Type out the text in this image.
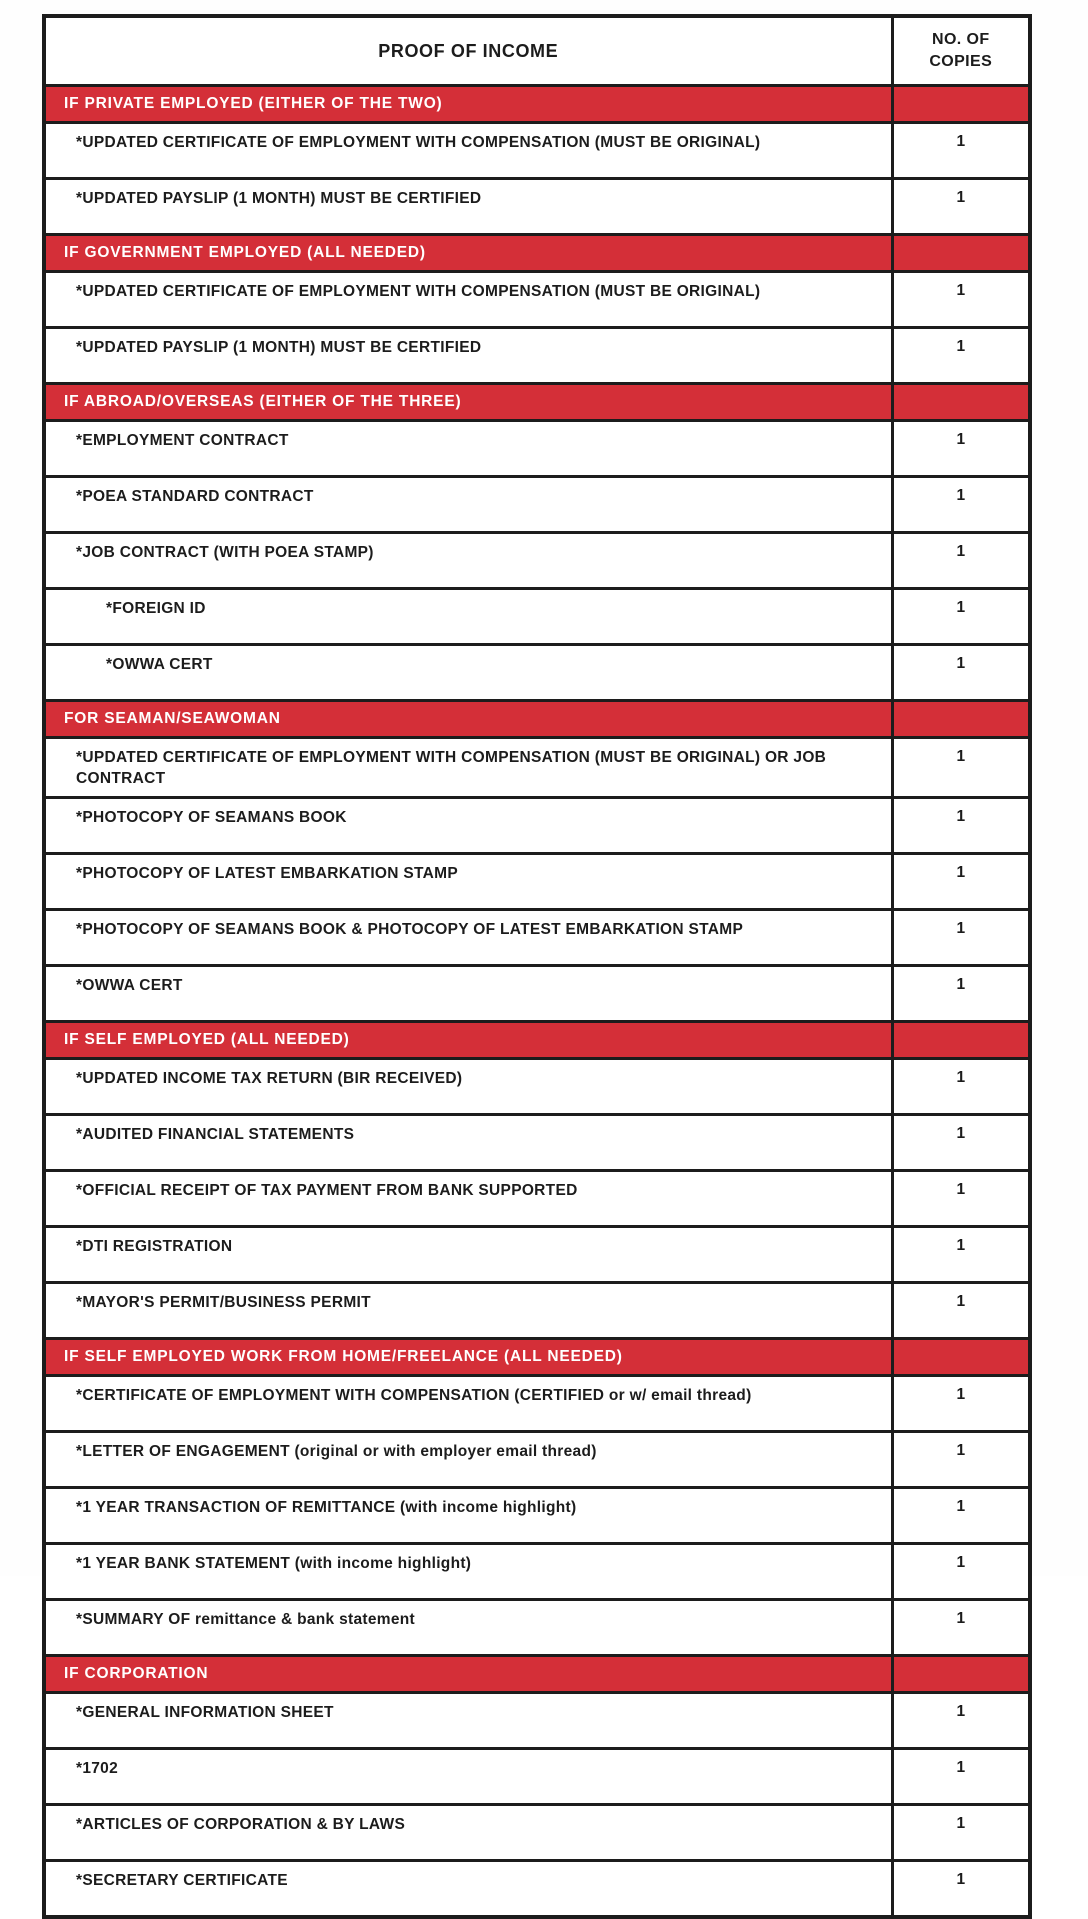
PROOF OF INCOME	NO. OF COPIES
IF PRIVATE EMPLOYED (EITHER OF THE TWO)	
*UPDATED CERTIFICATE OF EMPLOYMENT WITH COMPENSATION (MUST BE ORIGINAL)	1
*UPDATED PAYSLIP (1 MONTH) MUST BE CERTIFIED	1
IF GOVERNMENT EMPLOYED (ALL NEEDED)	
*UPDATED CERTIFICATE OF EMPLOYMENT WITH COMPENSATION (MUST BE ORIGINAL)	1
*UPDATED PAYSLIP (1 MONTH) MUST BE CERTIFIED	1
IF ABROAD/OVERSEAS (EITHER OF THE THREE)	
*EMPLOYMENT CONTRACT	1
*POEA STANDARD CONTRACT	1
*JOB CONTRACT (WITH POEA STAMP)	1
*FOREIGN ID	1
*OWWA CERT	1
FOR SEAMAN/SEAWOMAN	
*UPDATED CERTIFICATE OF EMPLOYMENT WITH COMPENSATION (MUST BE ORIGINAL) OR JOB CONTRACT	1
*PHOTOCOPY OF SEAMANS BOOK	1
*PHOTOCOPY OF LATEST EMBARKATION STAMP	1
*PHOTOCOPY OF SEAMANS BOOK & PHOTOCOPY OF LATEST EMBARKATION STAMP	1
*OWWA CERT	1
IF SELF EMPLOYED (ALL NEEDED)	
*UPDATED INCOME TAX RETURN (BIR RECEIVED)	1
*AUDITED FINANCIAL STATEMENTS	1
*OFFICIAL RECEIPT OF TAX PAYMENT FROM BANK SUPPORTED	1
*DTI REGISTRATION	1
*MAYOR'S PERMIT/BUSINESS PERMIT	1
IF SELF EMPLOYED WORK FROM HOME/FREELANCE (ALL NEEDED)	
*CERTIFICATE OF EMPLOYMENT WITH COMPENSATION (CERTIFIED or w/ email thread)	1
*LETTER OF ENGAGEMENT (original or with employer email thread)	1
*1 YEAR TRANSACTION OF REMITTANCE (with income highlight)	1
*1 YEAR BANK STATEMENT (with income highlight)	1
*SUMMARY OF remittance & bank statement	1
IF CORPORATION	
*GENERAL INFORMATION SHEET	1
*1702	1
*ARTICLES OF CORPORATION & BY LAWS	1
*SECRETARY CERTIFICATE	1
